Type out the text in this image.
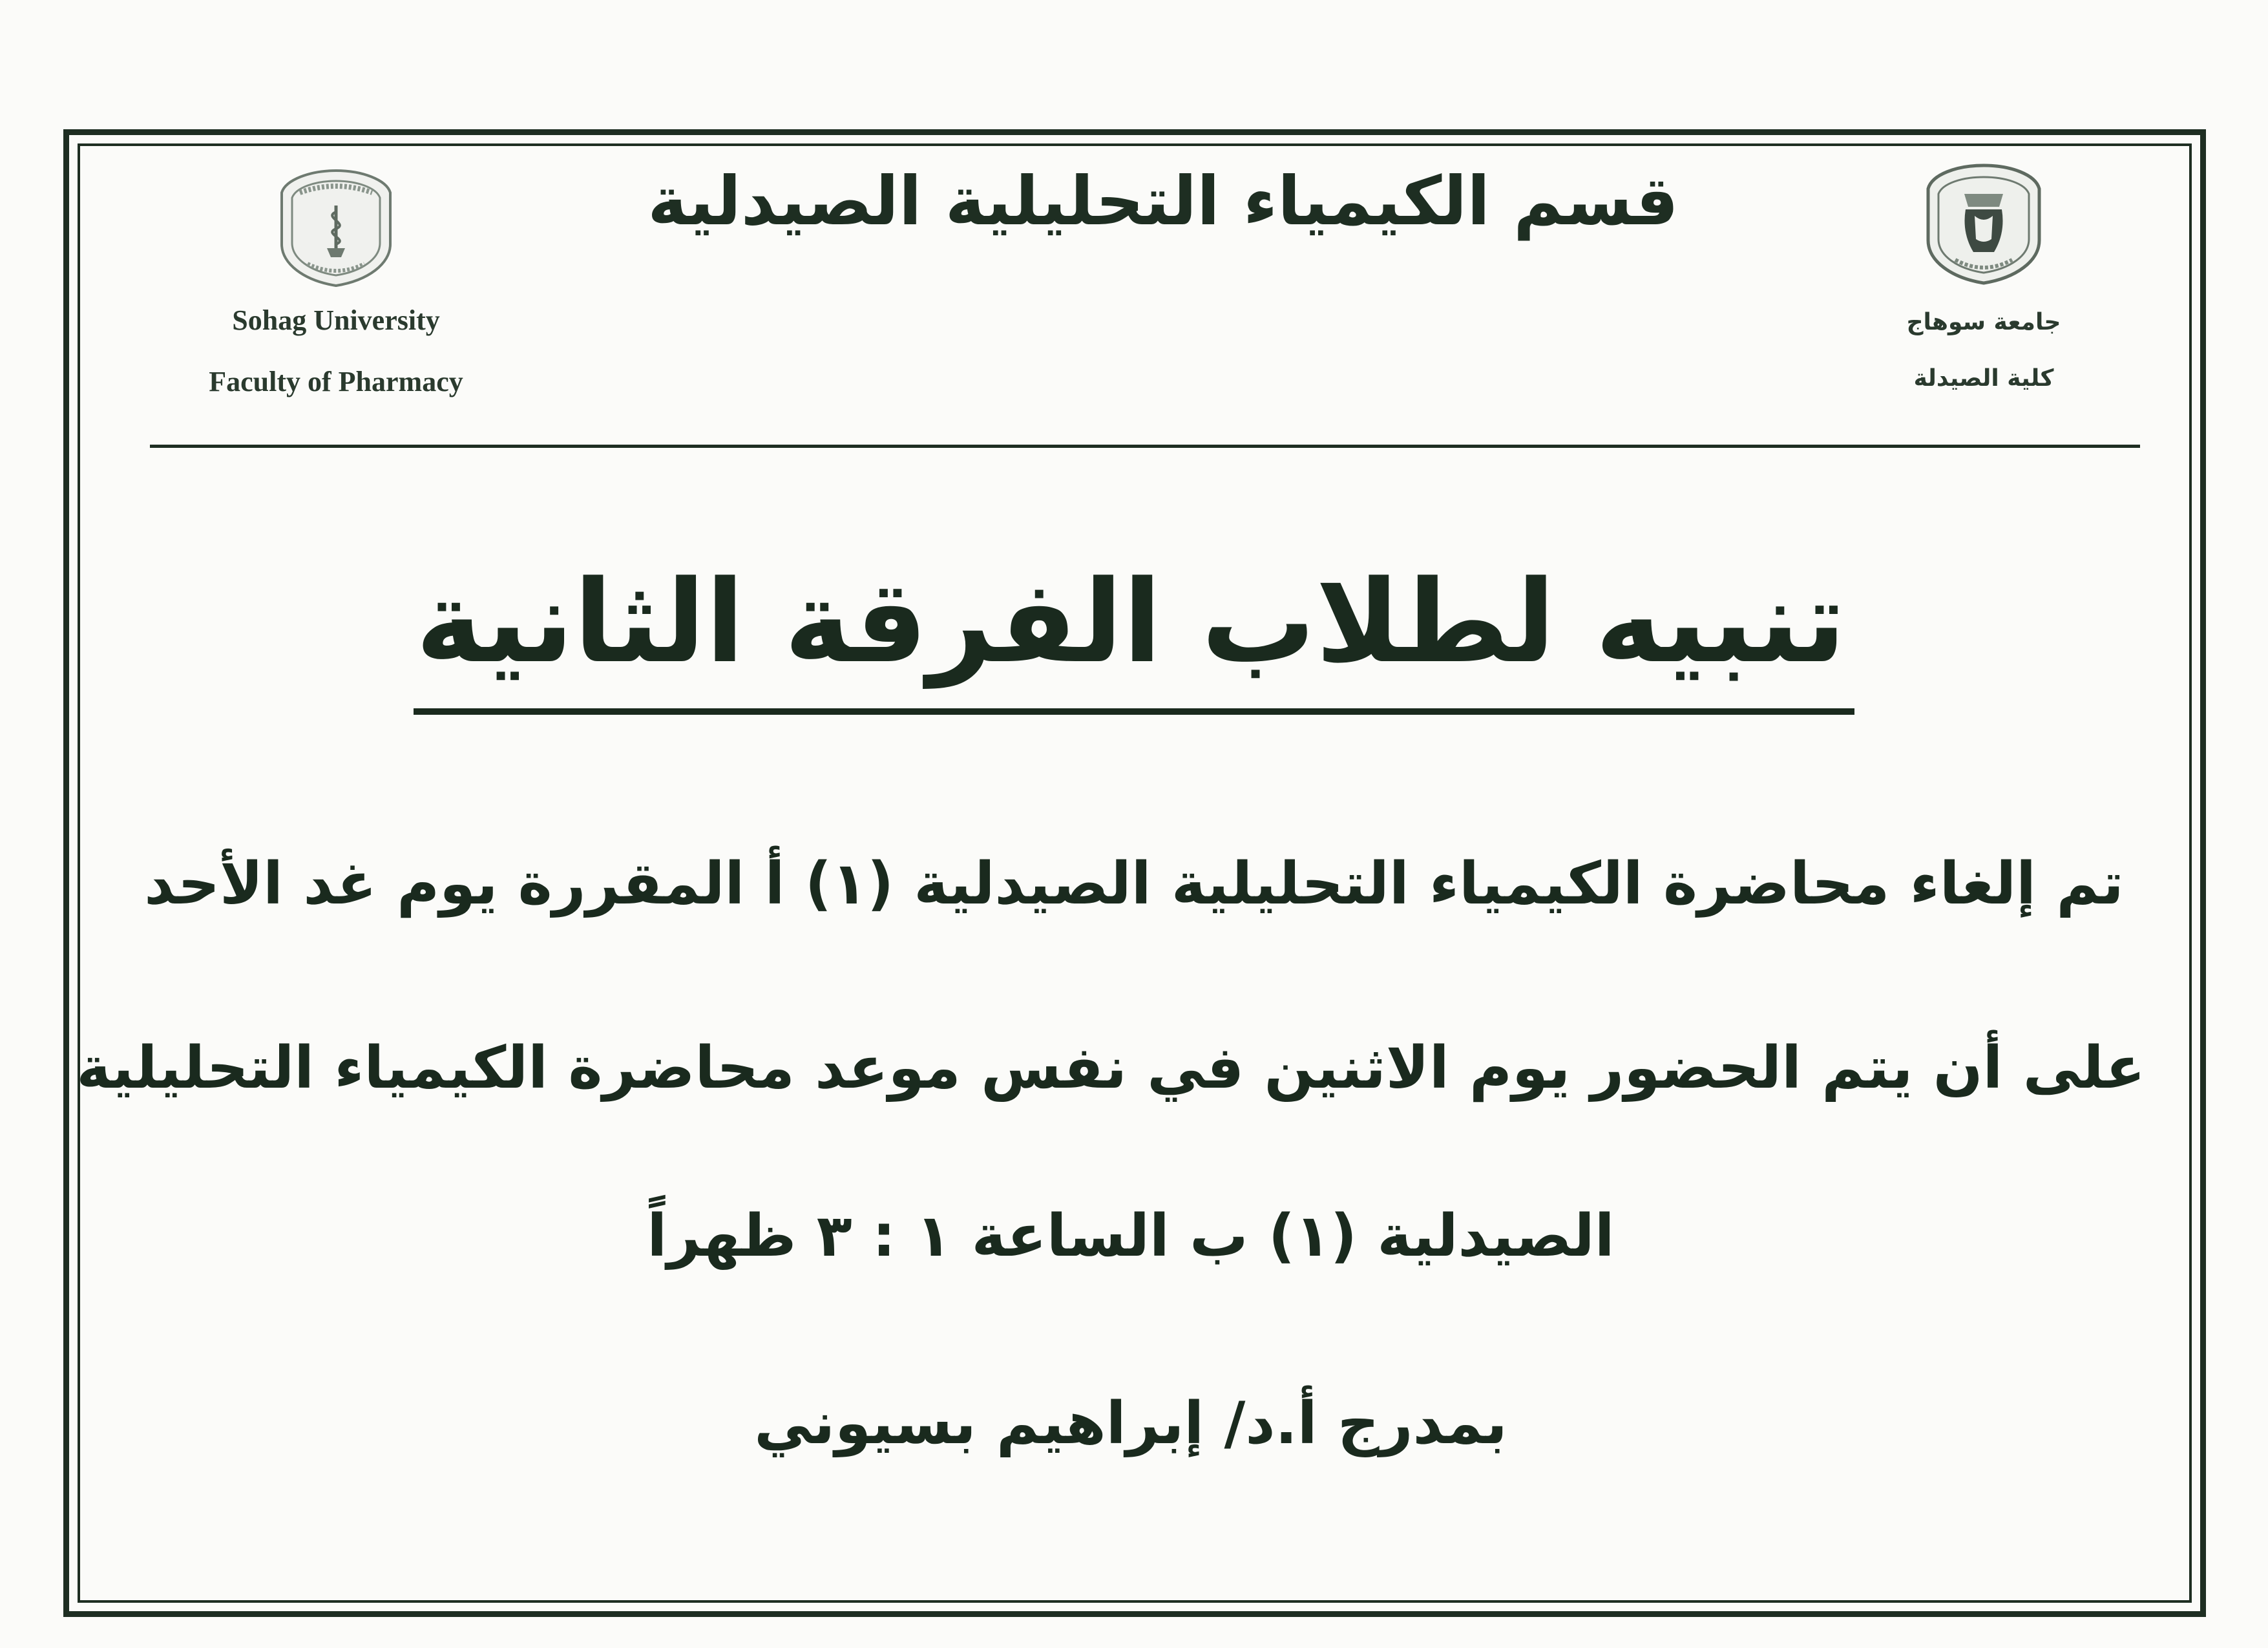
قسم الكيمياء التحليلية الصيدلية
Sohag University
Faculty of Pharmacy
جامعة سوهاج
كلية الصيدلة
تنبيه لطلاب الفرقة الثانية
تم إلغاء محاضرة الكيمياء التحليلية الصيدلية (١) أ المقررة يوم غد الأحد
على أن يتم الحضور يوم الاثنين في نفس موعد محاضرة الكيمياء التحليلية
الصيدلية (١) ب الساعة ١ : ٣ ظهراً
بمدرج أ.د/ إبراهيم بسيوني
